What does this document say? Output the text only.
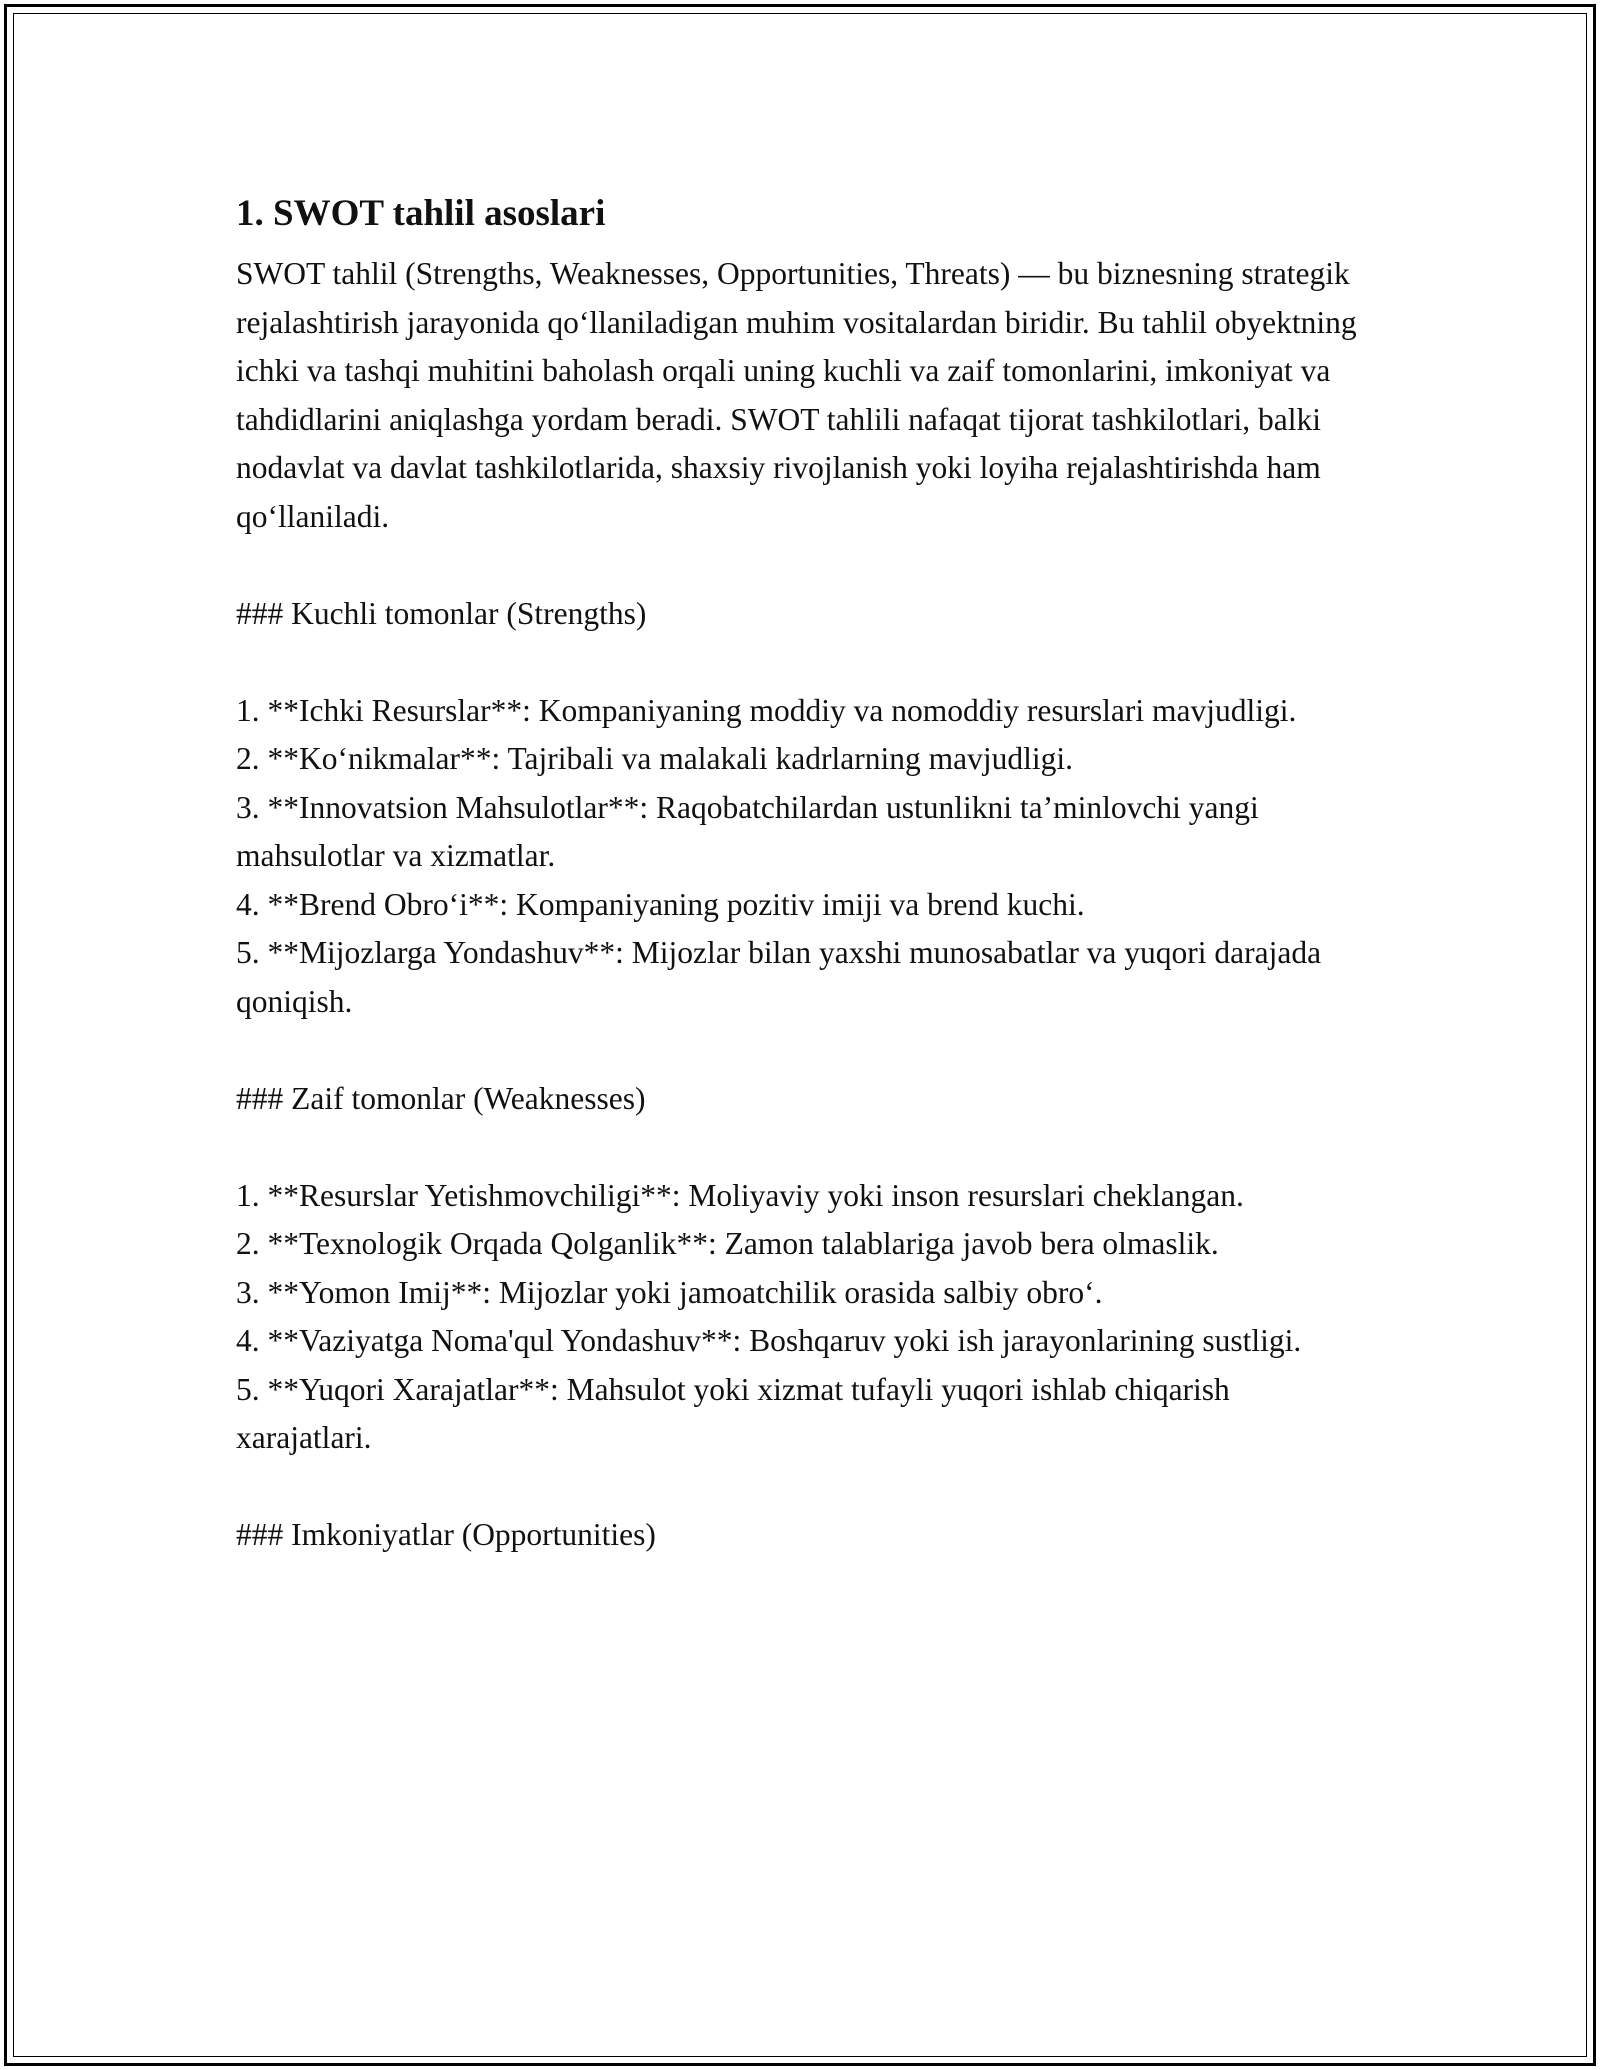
1. SWOT tahlil asoslari

SWOT tahlil (Strengths, Weaknesses, Opportunities, Threats) — bu biznesning strategik rejalashtirish jarayonida qo‘llaniladigan muhim vositalardan biridir. Bu tahlil obyektning ichki va tashqi muhitini baholash orqali uning kuchli va zaif tomonlarini, imkoniyat va tahdidlarini aniqlashga yordam beradi. SWOT tahlili nafaqat tijorat tashkilotlari, balki nodavlat va davlat tashkilotlarida, shaxsiy rivojlanish yoki loyiha rejalashtirishda ham qo‘llaniladi.

### Kuchli tomonlar (Strengths)
1. **Ichki Resurslar**: Kompaniyaning moddiy va nomoddiy resurslari mavjudligi.
2. **Ko‘nikmalar**: Tajribali va malakali kadrlarning mavjudligi.
3. **Innovatsion Mahsulotlar**: Raqobatchilardan ustunlikni ta’minlovchi yangi mahsulotlar va xizmatlar.
4. **Brend Obro‘i**: Kompaniyaning pozitiv imiji va brend kuchi.
5. **Mijozlarga Yondashuv**: Mijozlar bilan yaxshi munosabatlar va yuqori darajada qoniqish.
### Zaif tomonlar (Weaknesses)
1. **Resurslar Yetishmovchiligi**: Moliyaviy yoki inson resurslari cheklangan.
2. **Texnologik Orqada Qolganlik**: Zamon talablariga javob bera olmaslik.
3. **Yomon Imij**: Mijozlar yoki jamoatchilik orasida salbiy obro‘.
4. **Vaziyatga Noma'qul Yondashuv**: Boshqaruv yoki ish jarayonlarining sustligi.
5. **Yuqori Xarajatlar**: Mahsulot yoki xizmat tufayli yuqori ishlab chiqarish xarajatlari.
### Imkoniyatlar (Opportunities)
